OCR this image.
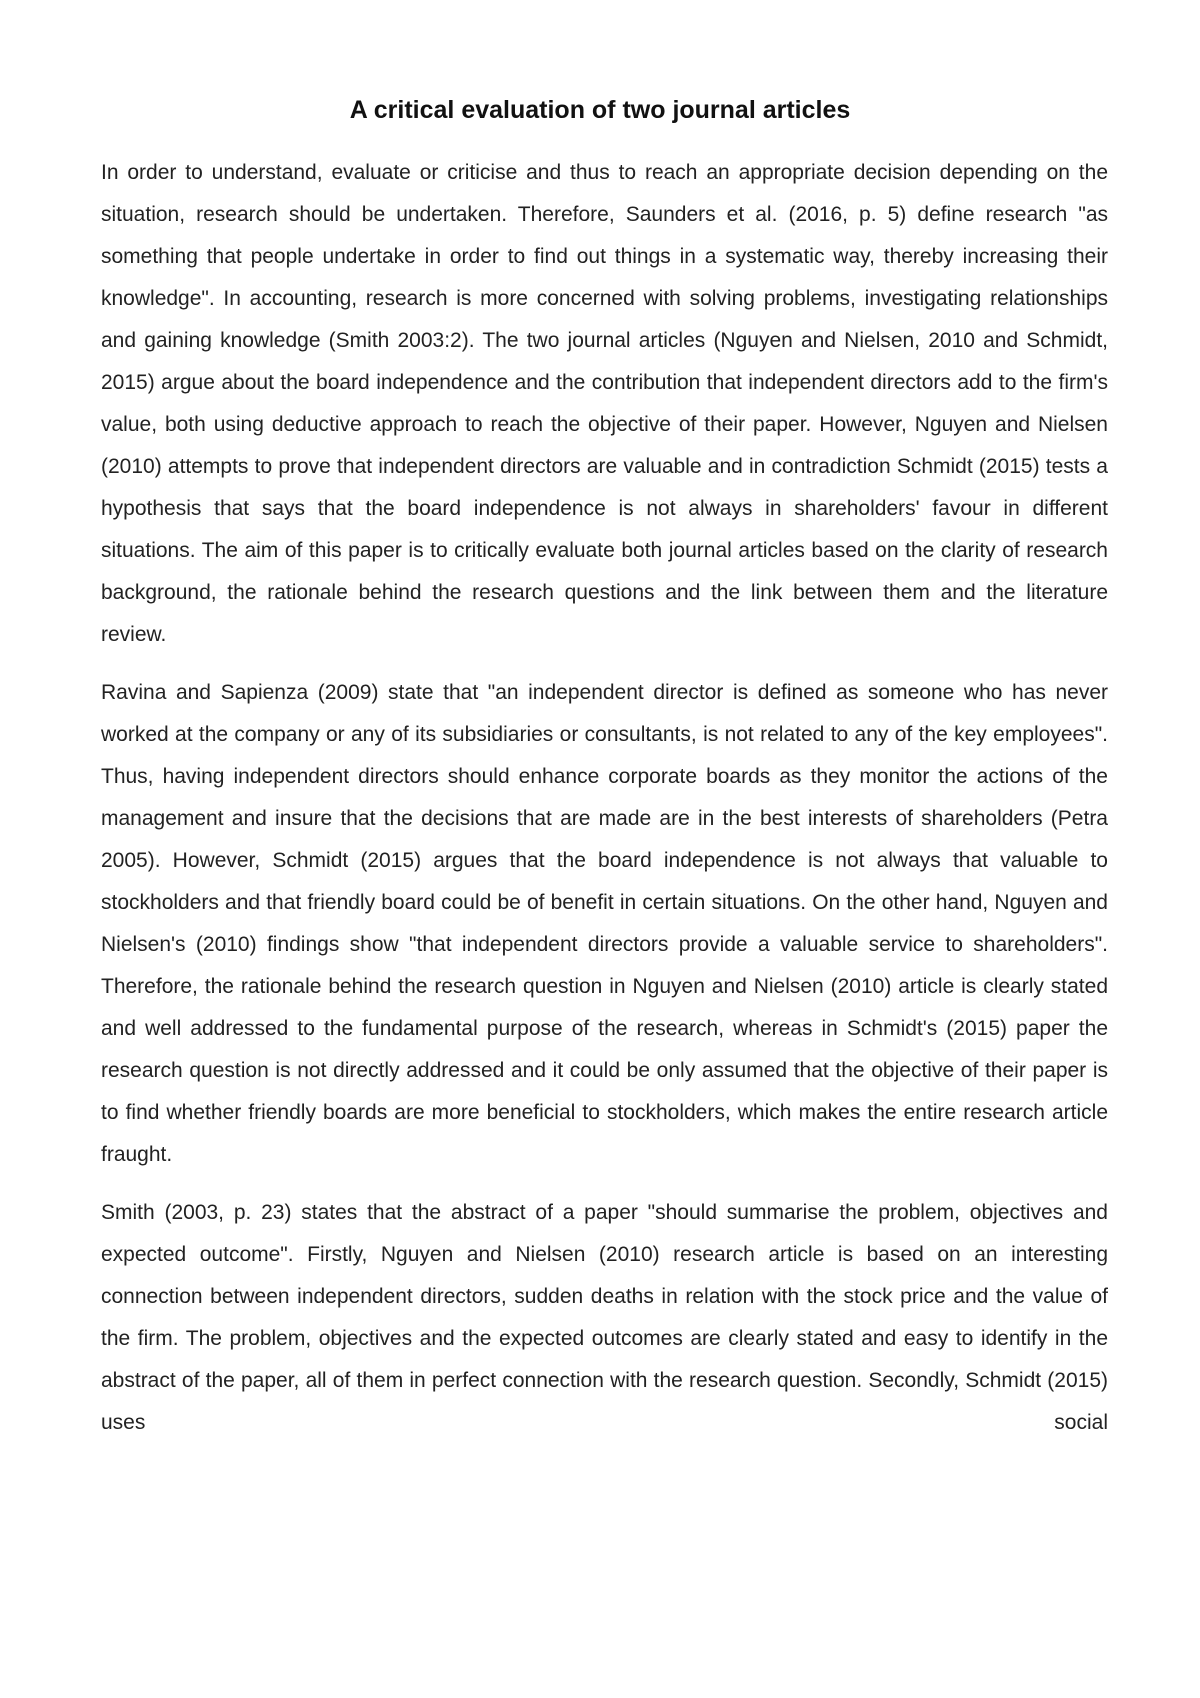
A critical evaluation of two journal articles

In order to understand, evaluate or criticise and thus to reach an appropriate decision depending on the situation, research should be undertaken. Therefore, Saunders et al. (2016, p. 5) define research "as something that people undertake in order to find out things in a systematic way, thereby increasing their knowledge". In accounting, research is more concerned with solving problems, investigating relationships and gaining knowledge (Smith 2003:2). The two journal articles (Nguyen and Nielsen, 2010 and Schmidt, 2015) argue about the board independence and the contribution that independent directors add to the firm's value, both using deductive approach to reach the objective of their paper. However, Nguyen and Nielsen (2010) attempts to prove that independent directors are valuable and in contradiction Schmidt (2015) tests a hypothesis that says that the board independence is not always in shareholders' favour in different situations. The aim of this paper is to critically evaluate both journal articles based on the clarity of research background, the rationale behind the research questions and the link between them and the literature review.

Ravina and Sapienza (2009) state that "an independent director is defined as someone who has never worked at the company or any of its subsidiaries or consultants, is not related to any of the key employees". Thus, having independent directors should enhance corporate boards as they monitor the actions of the management and insure that the decisions that are made are in the best interests of shareholders (Petra 2005). However, Schmidt (2015) argues that the board independence is not always that valuable to stockholders and that friendly board could be of benefit in certain situations. On the other hand, Nguyen and Nielsen's (2010) findings show "that independent directors provide a valuable service to shareholders". Therefore, the rationale behind the research question in Nguyen and Nielsen (2010) article is clearly stated and well addressed to the fundamental purpose of the research, whereas in Schmidt's (2015) paper the research question is not directly addressed and it could be only assumed that the objective of their paper is to find whether friendly boards are more beneficial to stockholders, which makes the entire research article fraught.

Smith (2003, p. 23) states that the abstract of a paper "should summarise the problem, objectives and expected outcome". Firstly, Nguyen and Nielsen (2010) research article is based on an interesting connection between independent directors, sudden deaths in relation with the stock price and the value of the firm. The problem, objectives and the expected outcomes are clearly stated and easy to identify in the abstract of the paper, all of them in perfect connection with the research question. Secondly, Schmidt (2015) uses social
